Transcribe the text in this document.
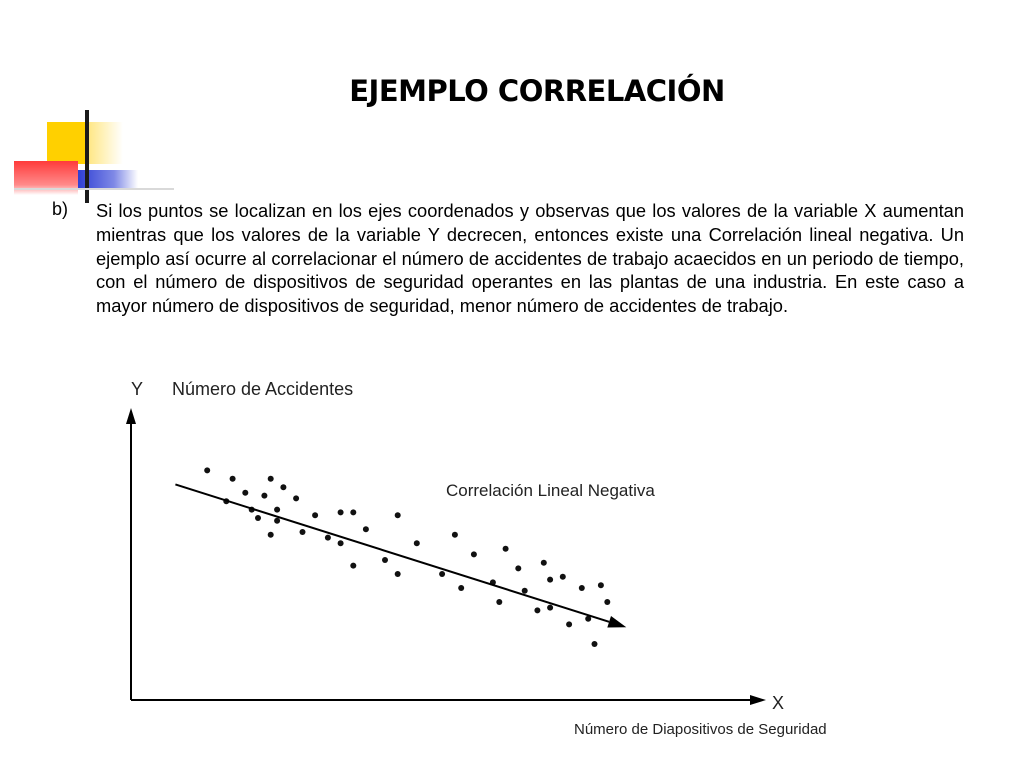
EJEMPLO CORRELACIÓN
b) Si los puntos se localizan en los ejes coordenados y observas que los valores de la variable X aumentan mientras que los valores de la variable Y decrecen, entonces existe una Correlación lineal negativa. Un ejemplo así ocurre al correlacionar el número de accidentes de trabajo acaecidos en un periodo de tiempo, con el número de dispositivos de seguridad operantes en las plantas de una industria. En este caso a mayor número de dispositivos de seguridad, menor número de accidentes de trabajo.
Y Número de Accidentes
X
Número de Diapositivos de Seguridad
Correlación Lineal Negativa
